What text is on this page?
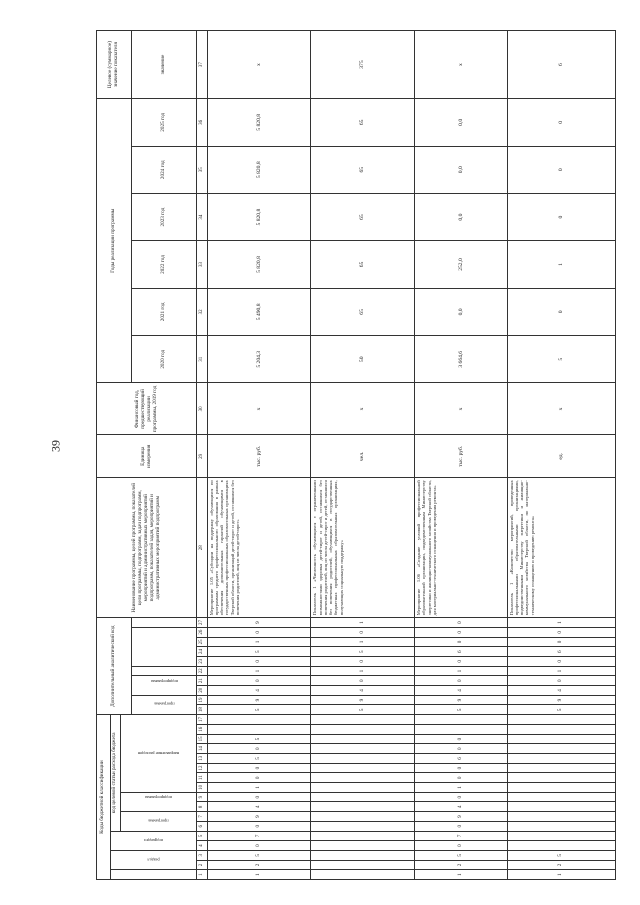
39
Коды бюджетной классификации																	Дополнительный аналитический код										Наименование программы, целей программы, показателей цели программы, подпрограмм, задач подпрограмм, мероприятий и административных мероприятий подпрограмм, показателей задач, мероприятий и административных мероприятий подпрограмм	Единица измерения	Финансовый год, предшествующий реализации программы, 2019 год	Годы реализации программы						Целевое (суммарное) значение показателя
	раздел		подраздел		код целевой статьи расхода бюджета																															
					программа		подпрограмма		направление расходов																											
																	программа		подпрограмма											2020 год	2021 год	2022 год	2023 год	2024 год	2025 год	значение
1	2	3	4	5	6	7	8	9	10	11	12	13	14	15	16	17	18	19	20	21	22	23	24	25	26	27	28	29	30	31	32	33	34	35	36	37
1	2	5	0	7	0	9	4	0	1	0	0	5	0	5			5	9	4	0	1	0	5	1	0	9	Мероприятие 1.05 «Субсидии на поддержку обучающихся по программам среднего профессионального образования в рамках обеспечения дополнительных гарантий обучающимся в государственных профессиональных образовательных организациях Тверской области, организаций детей-сирот и детей, оставшихся без попечения родителей, лиц из числа детей-сирот»	тыс. руб.	х	5 204,3	5 490,8	5 820,8	5 820,8	5 820,8	5 820,8	х
																	5	9	4	0	1	0	5	1	0	1	Показатель 1 «Численность обучающихся с ограниченными возможностями здоровья детей-сирот и детей, оставшихся без попечения родителей, лиц из числа детей-сирот и детей, оставшихся без попечения родителей, обучающихся в государственных бюджетных профессиональных образовательных организациях, получающих социальную поддержку»	чел.	х	50	65	65	65	65	65	375
1	2	5	0	7	0	9	4	0	1	0	0	6	0	0			5	9	4	0	1	0	6	0	0	0	Мероприятие 1.06 «Создание условий профессиональной образовательной организации, подведомственным Министерству энергетики и жилищно-коммунального хозяйства Тверской области, для материально-технического оснащения и проведения ремонта»	тыс. руб.	х	3 664,6	0,0	252,0	0,0	0,0	0,0	х
1	2	5															5	9	4	0	1	0	6	0	0	1	Показатель 1 «Количество мероприятий, проведенных профессиональными образовательными организациями, подведомственными Министерству энергетики и жилищно-коммунального хозяйства Тверской области, по материально-техническому оснащению и проведению ремонта»	ед.	х	5	0	1	0	0	0	6
